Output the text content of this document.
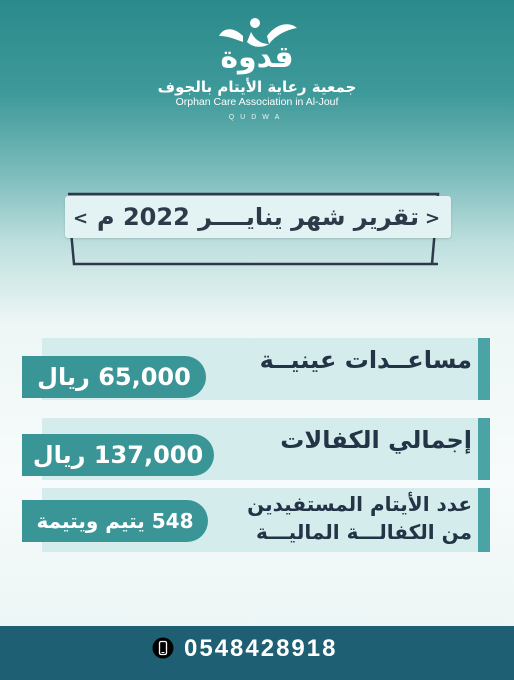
قدوة
جمعية رعاية الأيتام بالجوف
Orphan Care Association in Al-Jouf
QUDWA
تقرير شهر ينايــــر 2022 م
<	>
مساعــدات عينيــة
65,000 ريال
إجمالي الكفالات
137,000 ريال
عدد الأيتام المستفيدين
من الكفالـــة الماليـــة
548 يتيم ويتيمة
0548428918
